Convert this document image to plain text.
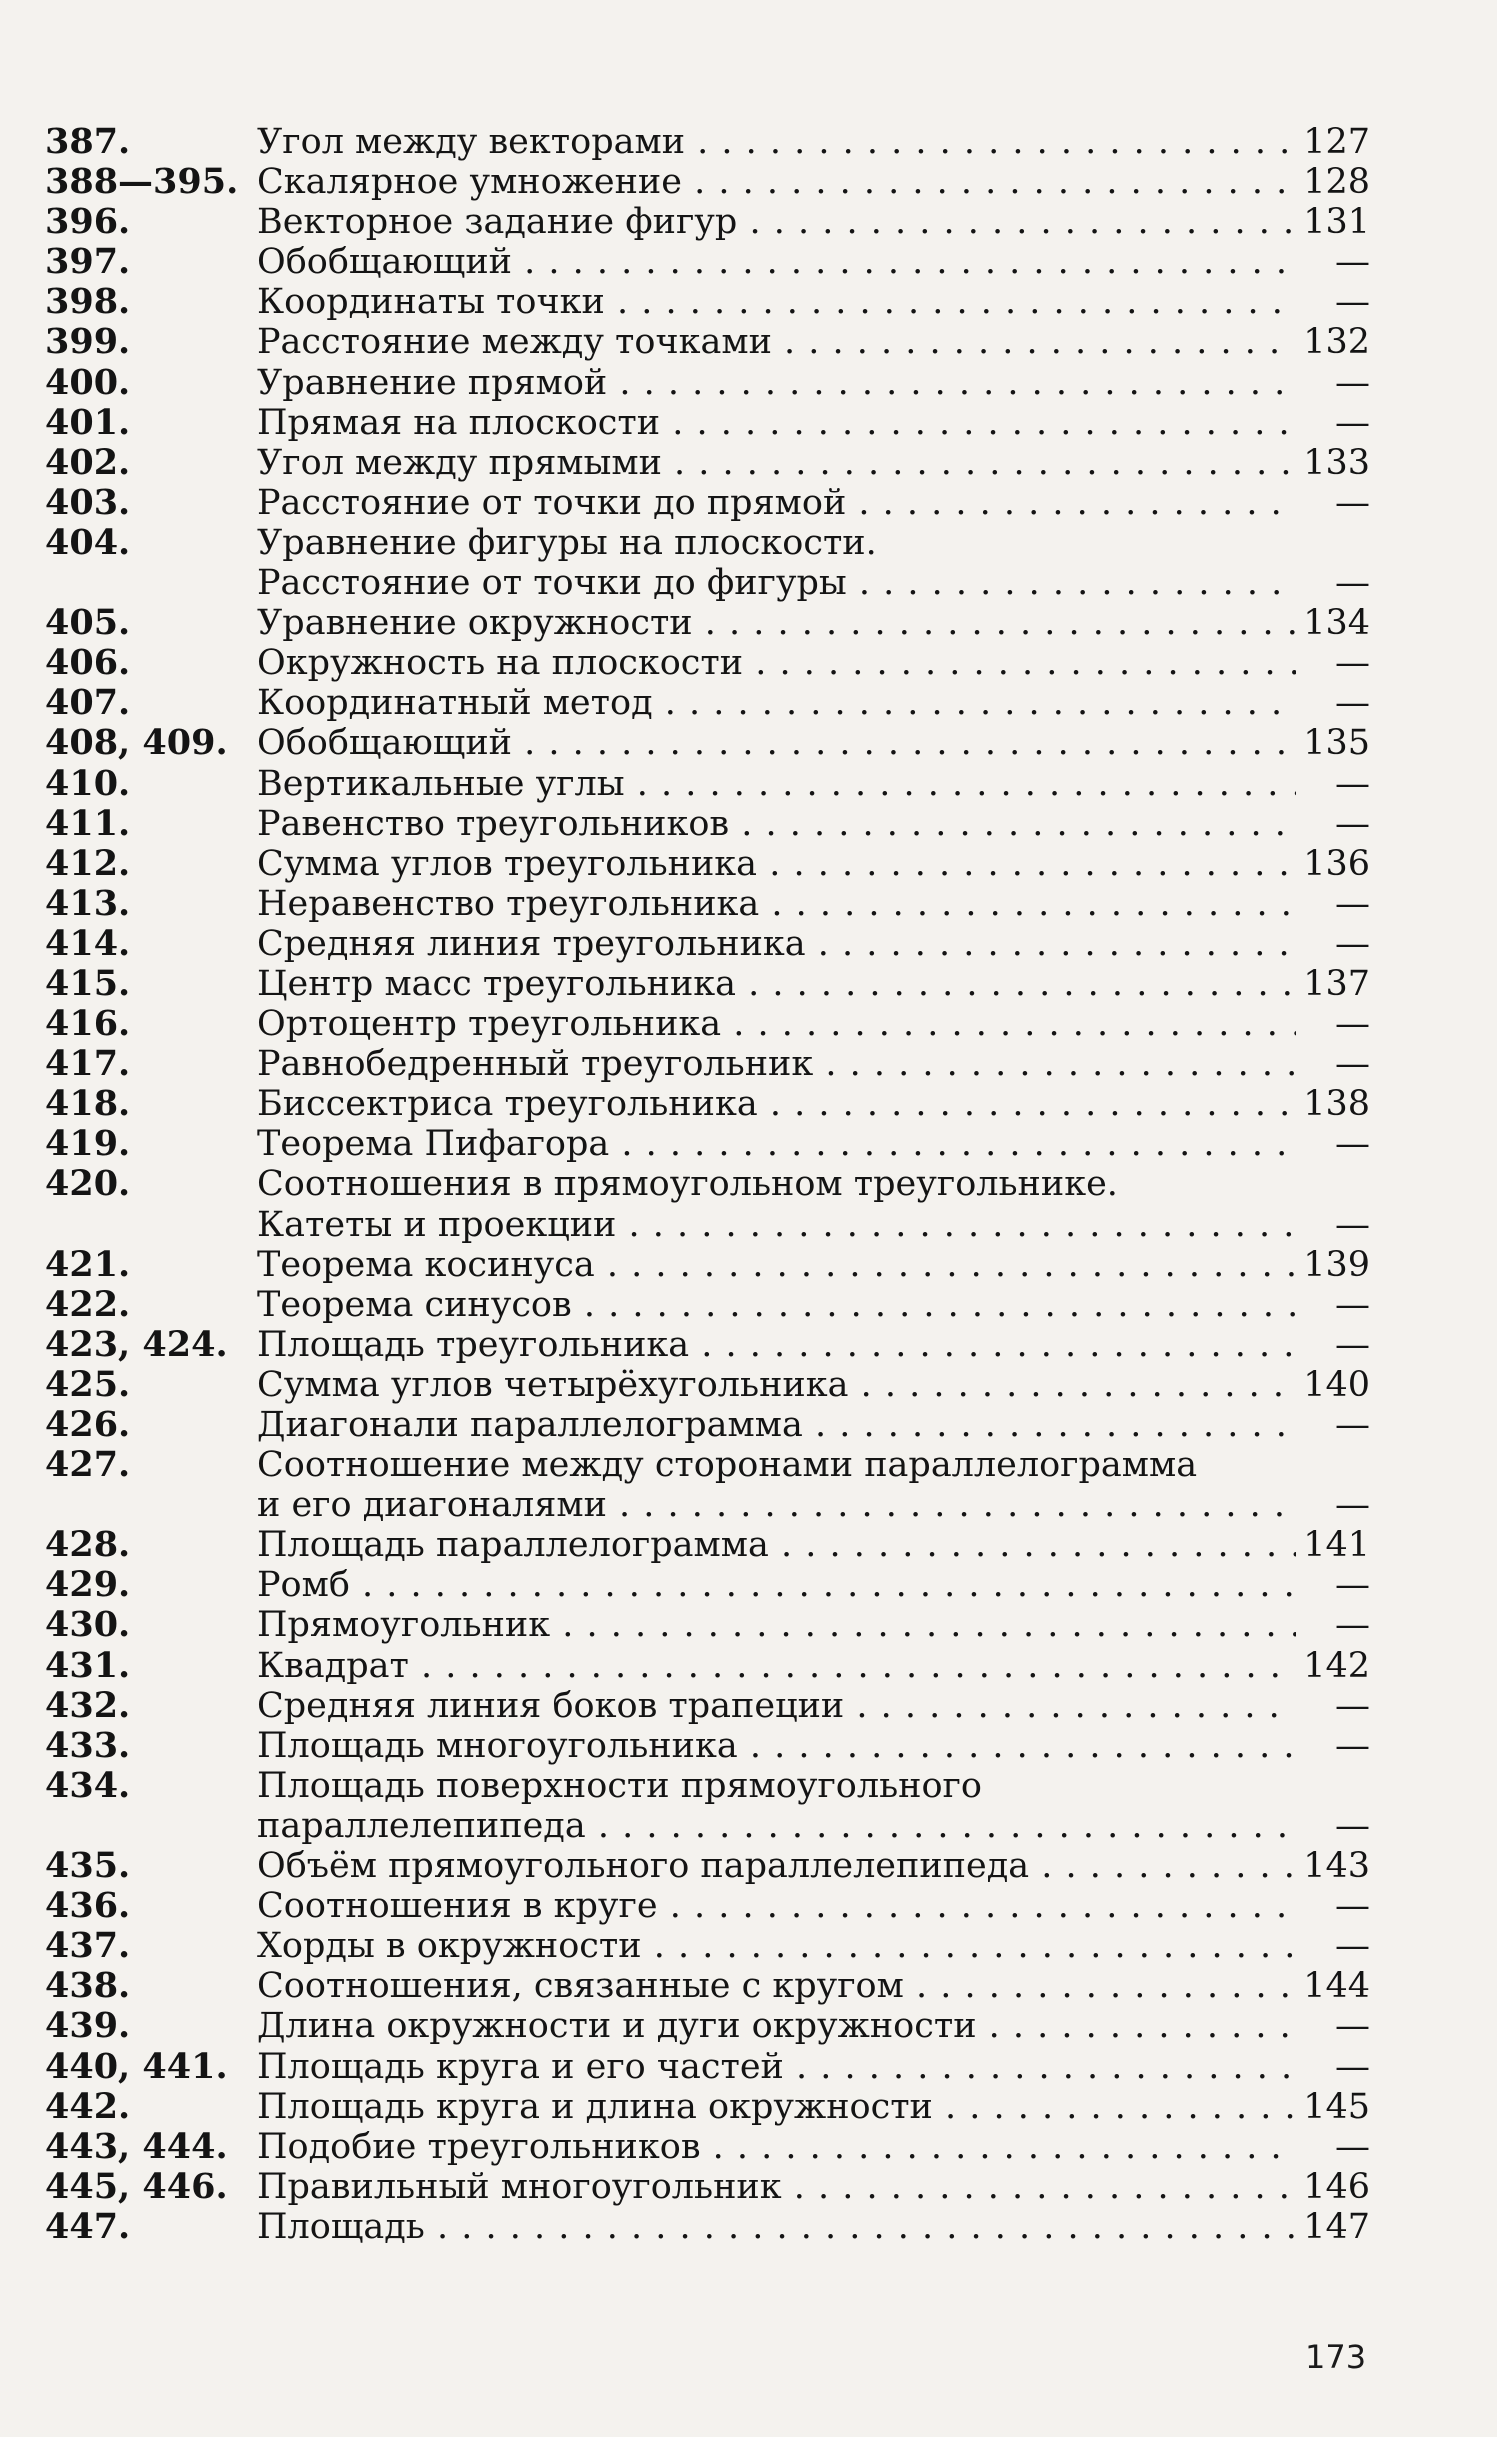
387.	Угол между векторами . . .	127
388—395. Скалярное умножение . . .	128
396.	Векторное задание фигур . . .	131
397.	Обобщающий . . .	—
398.	Координаты точки . . .	—
399.	Расстояние между точками . . .	132
400.	Уравнение прямой . . .	—
401.	Прямая на плоскости . . .	—
402.	Угол между прямыми . . .	133
403.	Расстояние от точки до прямой . . .	—
404.	Уравнение фигуры на плоскости.
Расстояние от точки до фигуры . . .	—
405.	Уравнение окружности . . .	134
406.	Окружность на плоскости . . .	—
407.	Координатный метод . . .	—
408, 409. Обобщающий . . .	135
410.	Вертикальные углы . . .	—
411.	Равенство треугольников . . .	—
412.	Сумма углов треугольника . . .	136
413.	Неравенство треугольника . . .	—
414.	Средняя линия треугольника . . .	—
415.	Центр масс треугольника . . .	137
416.	Ортоцентр треугольника . . .	—
417.	Равнобедренный треугольник . . .	—
418.	Биссектриса треугольника . . .	138
419.	Теорема Пифагора . . .	—
420.	Соотношения в прямоугольном треугольнике.
Катеты и проекции . . .	—
421.	Теорема косинуса . . .	139
422.	Теорема синусов . . .	—
423, 424. Площадь треугольника . . .	—
425.	Сумма углов четырёхугольника . . .	140
426.	Диагонали параллелограмма . . .	—
427.	Соотношение между сторонами параллелограмма
и его диагоналями . . .	—
428.	Площадь параллелограмма . . .	141
429.	Ромб . . .	—
430.	Прямоугольник . . .	—
431.	Квадрат . . .	142
432.	Средняя линия боков трапеции . . .	—
433.	Площадь многоугольника . . .	—
434.	Площадь поверхности прямоугольного
параллелепипеда . . .	—
435.	Объём прямоугольного параллелепипеда . . .	143
436.	Соотношения в круге . . .	—
437.	Хорды в окружности . . .	—
438.	Соотношения, связанные с кругом . . .	144
439.	Длина окружности и дуги окружности . . .	—
440, 441. Площадь круга и его частей . . .	—
442.	Площадь круга и длина окружности . . .	145
443, 444. Подобие треугольников . . .	—
445, 446. Правильный многоугольник . . .	146
447.	Площадь . . .	147
173
